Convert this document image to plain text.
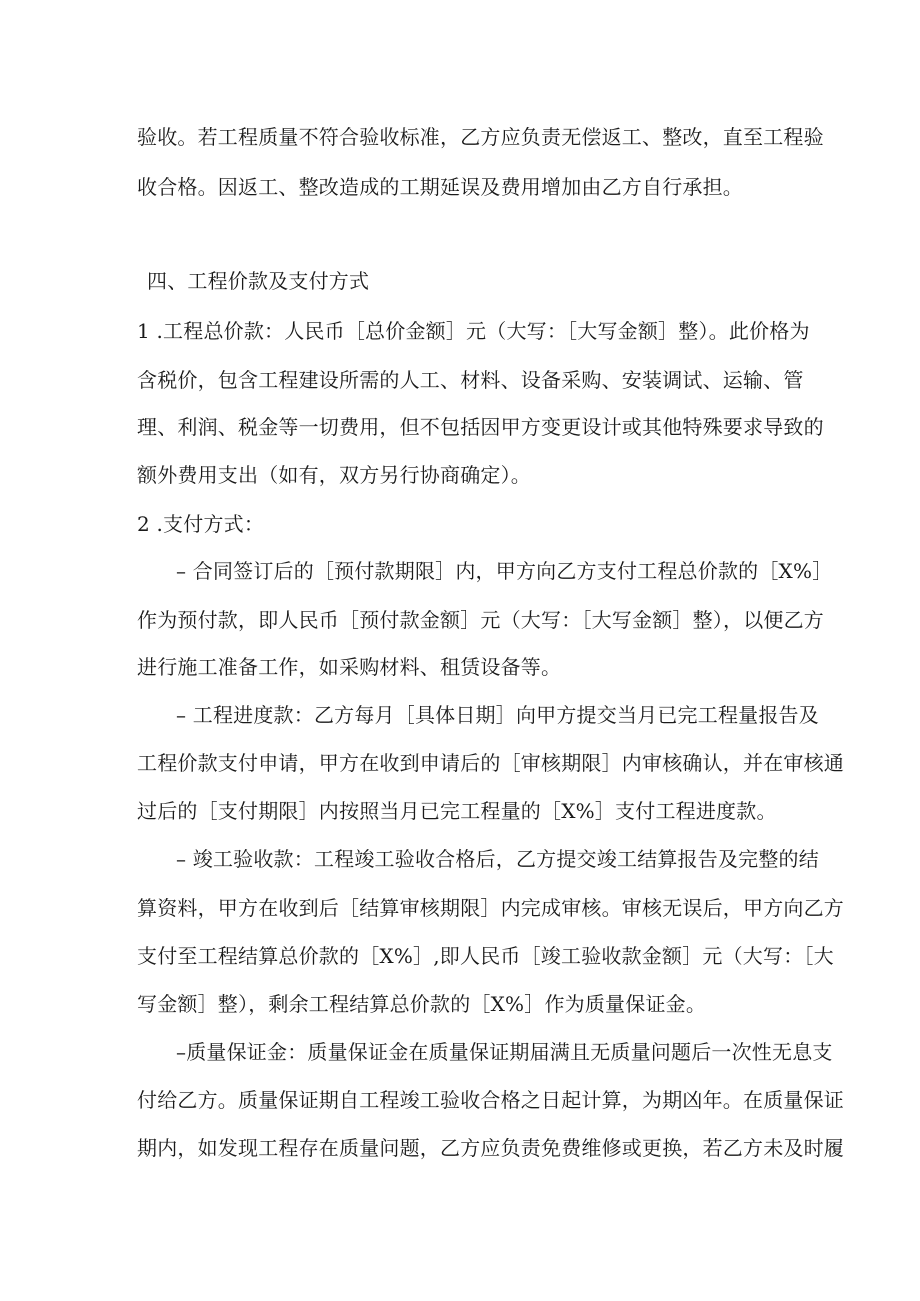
验收。若工程质量不符合验收标准，乙方应负责无偿返工、整改，直至工程验
收合格。因返工、整改造成的工期延误及费用增加由乙方自行承担。
四、工程价款及支付方式
1 .工程总价款：人民币［总价金额］元（大写：［大写金额］整）。此价格为
含税价，包含工程建设所需的人工、材料、设备采购、安装调试、运输、管
理、利润、税金等一切费用，但不包括因甲方变更设计或其他特殊要求导致的
额外费用支出（如有，双方另行协商确定）。
2 .支付方式：
– 合同签订后的［预付款期限］内，甲方向乙方支付工程总价款的［X%］
作为预付款，即人民币［预付款金额］元（大写：［大写金额］整），以便乙方
进行施工准备工作，如采购材料、租赁设备等。
– 工程进度款：乙方每月［具体日期］向甲方提交当月已完工程量报告及
工程价款支付申请，甲方在收到申请后的［审核期限］内审核确认，并在审核通
过后的［支付期限］内按照当月已完工程量的［X%］支付工程进度款。
– 竣工验收款：工程竣工验收合格后，乙方提交竣工结算报告及完整的结
算资料，甲方在收到后［结算审核期限］内完成审核。审核无误后，甲方向乙方
支付至工程结算总价款的［X%］,即人民币［竣工验收款金额］元（大写：［大
写金额］整），剩余工程结算总价款的［X%］作为质量保证金。
–质量保证金：质量保证金在质量保证期届满且无质量问题后一次性无息支
付给乙方。质量保证期自工程竣工验收合格之日起计算，为期凶年。在质量保证
期内，如发现工程存在质量问题，乙方应负责免费维修或更换，若乙方未及时履
